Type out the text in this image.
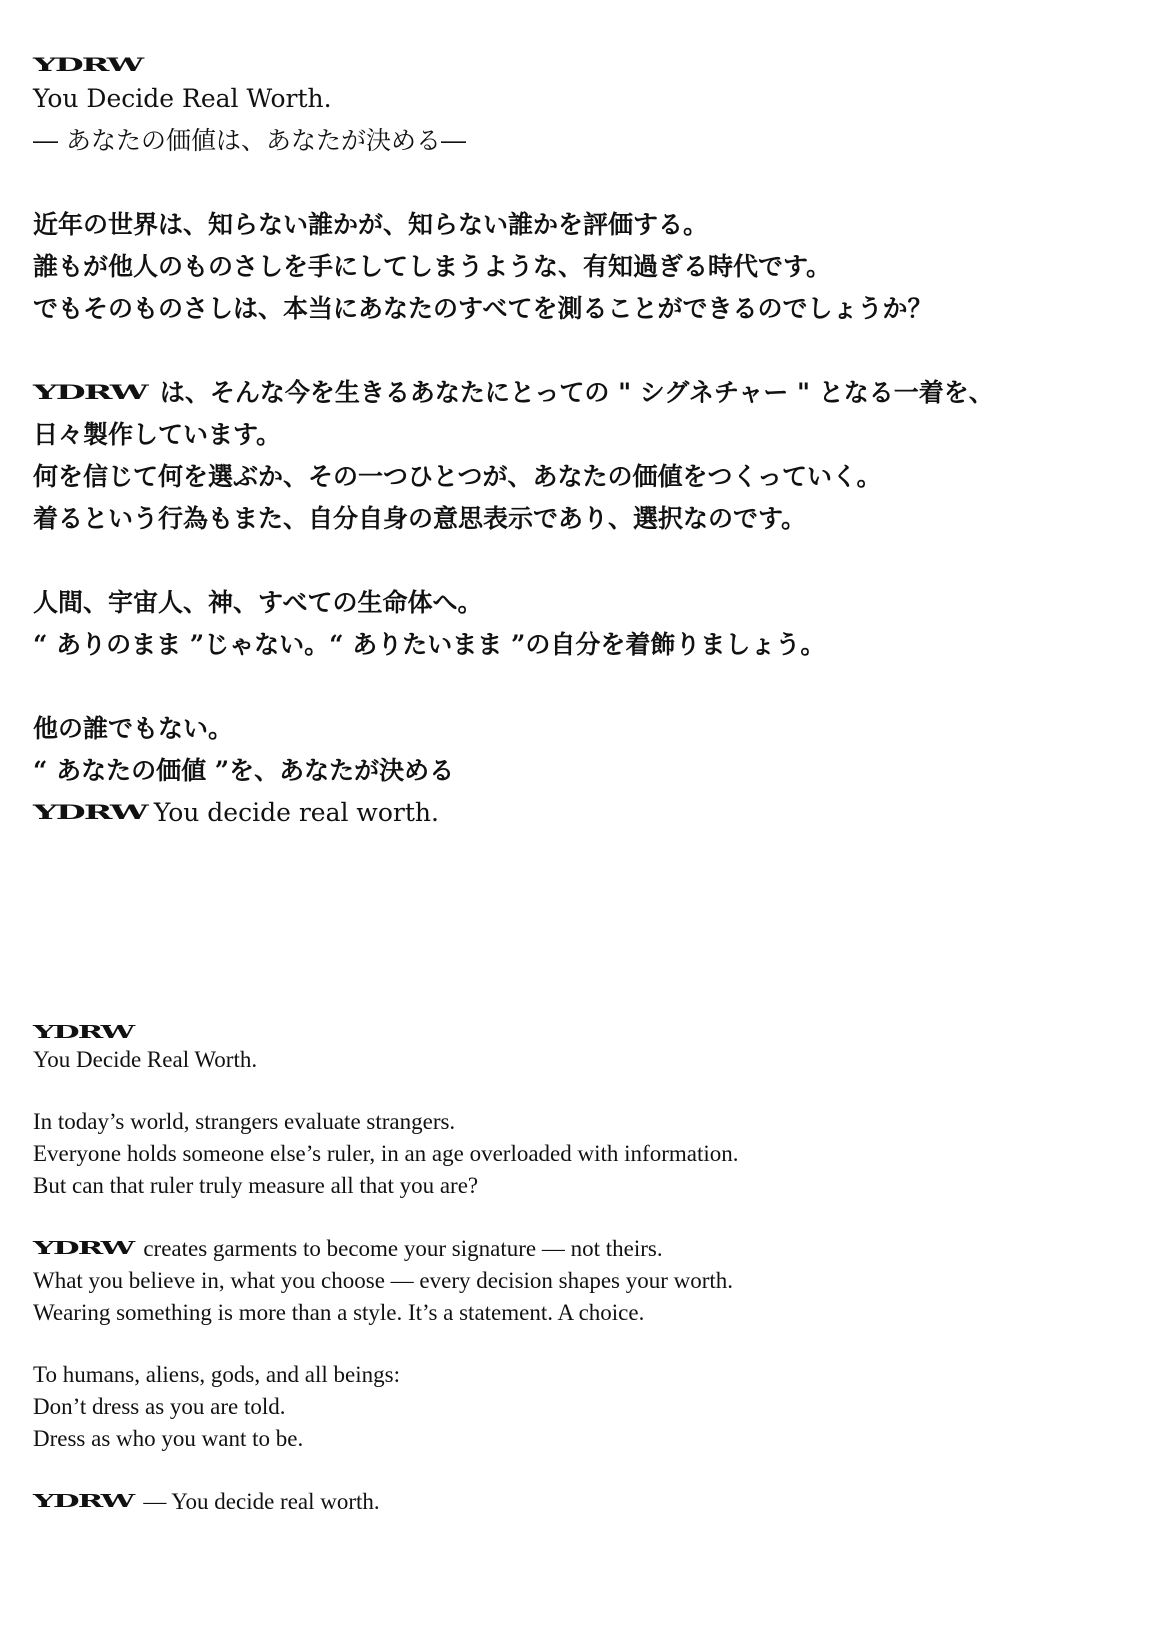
YDRW
You Decide Real Worth.
― あなたの価値は、あなたが決める―
近年の世界は、知らない誰かが、知らない誰かを評価する。
誰もが他人のものさしを手にしてしまうような、有知過ぎる時代です。
でもそのものさしは、本当にあなたのすべてを測ることができるのでしょうか？
YDRW は、そんな今を生きるあなたにとっての " シグネチャー " となる一着を、
日々製作しています。
何を信じて何を選ぶか、その一つひとつが、あなたの価値をつくっていく。
着るという行為もまた、自分自身の意思表示であり、選択なのです。
人間、宇宙人、神、すべての生命体へ。
“ ありのまま ”じゃない。“ ありたいまま ”の自分を着飾りましょう。
他の誰でもない。
“ あなたの価値 ”を、あなたが決める
YDRW You decide real worth.
YDRW
You Decide Real Worth.
In today’s world, strangers evaluate strangers.
Everyone holds someone else’s ruler, in an age overloaded with information.
But can that ruler truly measure all that you are?
YDRW creates garments to become your signature — not theirs.
What you believe in, what you choose — every decision shapes your worth.
Wearing something is more than a style. It’s a statement. A choice.
To humans, aliens, gods, and all beings:
Don’t dress as you are told.
Dress as who you want to be.
YDRW — You decide real worth.
